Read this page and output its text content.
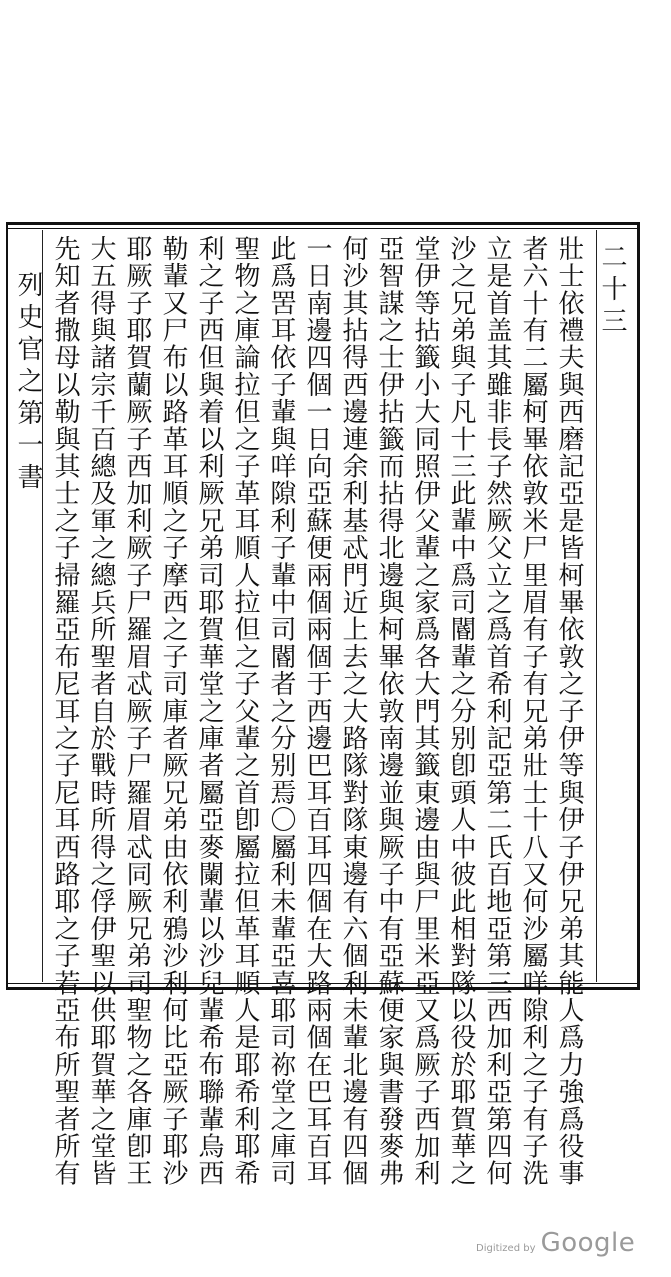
二十三
列史官之第一書	壯士依禮夫與西磨記亞是皆柯畢依敦之子伊等與伊子伊兄弟其能人爲力強爲役事
者六十有二屬柯畢依敦米尸里眉有子有兄弟壯士十八又何沙屬咩隙利之子有子洗
立是首盖其雖非長子然厥父立之爲首希利記亞第二氏百地亞第三西加利亞第四何
沙之兄弟與子凡十三此輩中爲司閽輩之分别卽頭人中彼此相對隊以役於耶賀華之
堂伊等拈籤小大同照伊父輩之家爲各大門其籤東邊由與尸里米亞又爲厥子西加利
亞智謀之士伊拈籤而拈得北邊與柯畢依敦南邊並與厥子中有亞蘇便家與書發麥弗
何沙其拈得西邊連余利基忒門近上去之大路隊對隊東邊有六個利未輩北邊有四個
一日南邊四個一日向亞蘇便兩個兩個于西邊巴耳百耳四個在大路兩個在巴耳百耳
此爲罟耳依子輩與咩隙利子輩中司閽者之分别焉〇屬利未輩亞喜耶司祢堂之庫司
聖物之庫論拉但之子革耳順人拉但之子父輩之首卽屬拉但革耳順人是耶希利耶希
利之子西但與着以利厥兄弟司耶賀華堂之庫者屬亞麥闌輩以沙兒輩希布聯輩烏西
勒輩又尸布以路革耳順之子摩西之子司庫者厥兄弟由依利鴉沙利何比亞厥子耶沙
耶厥子耶賀蘭厥子西加利厥子尸羅眉忒厥子尸羅眉忒同厥兄弟司聖物之各庫卽王
大五得與諸宗千百總及軍之總兵所聖者自於戰時所得之俘伊聖以供耶賀華之堂皆
先知者撒母以勒與其士之子掃羅亞布尼耳之子尼耳西路耶之子若亞布所聖者所有
Digitized by Google
